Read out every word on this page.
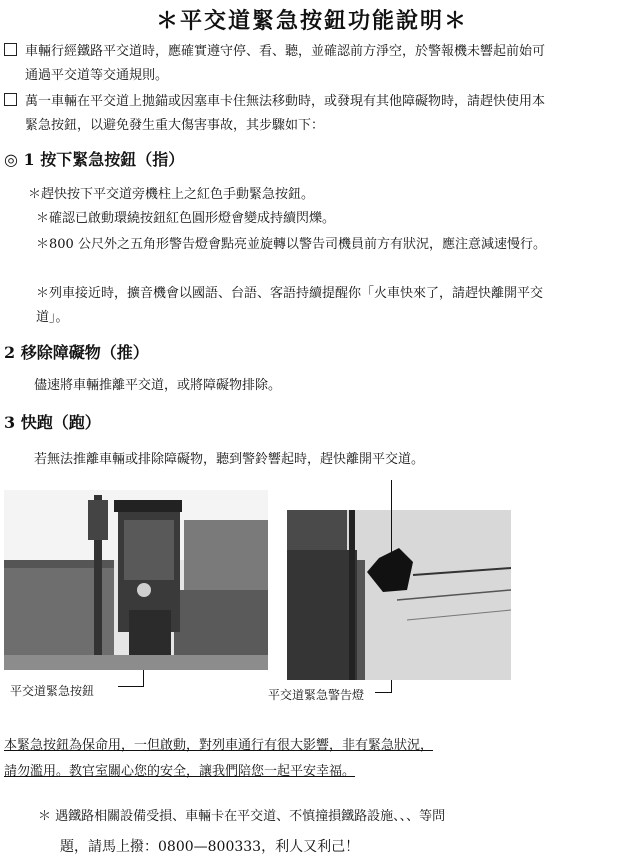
＊平交道緊急按鈕功能說明＊
車輛行經鐵路平交道時，應確實遵守停、看、聽，並確認前方淨空，於警報機未響起前始可通過平交道等交通規則。
萬一車輛在平交道上拋錨或因塞車卡住無法移動時，或發現有其他障礙物時，請趕快使用本緊急按鈕，以避免發生重大傷害事故，其步驟如下：
◎ 1 按下緊急按鈕（指）
＊趕快按下平交道旁機柱上之紅色手動緊急按鈕。
＊確認已啟動環繞按鈕紅色圓形燈會變成持續閃爍。
＊800 公尺外之五角形警告燈會點亮並旋轉以警告司機員前方有狀況，應注意減速慢行。
＊列車接近時，擴音機會以國語、台語、客語持續提醒你「火車快來了，請趕快離開平交道」。
2 移除障礙物（推）
儘速將車輛推離平交道，或將障礙物排除。
3 快跑（跑）
若無法推離車輛或排除障礙物，聽到警鈴響起時，趕快離開平交道。
平交道緊急按鈕	平交道緊急警告燈
本緊急按鈕為保命用，一但啟動，對列車通行有很大影響，非有緊急狀況，
請勿濫用。教官室關心您的安全，讓我們陪您一起平安幸福。
＊ 遇鐵路相關設備受損、車輛卡在平交道、不慎撞損鐵路設施、、、等問
題，請馬上撥：0800—800333，利人又利己！
